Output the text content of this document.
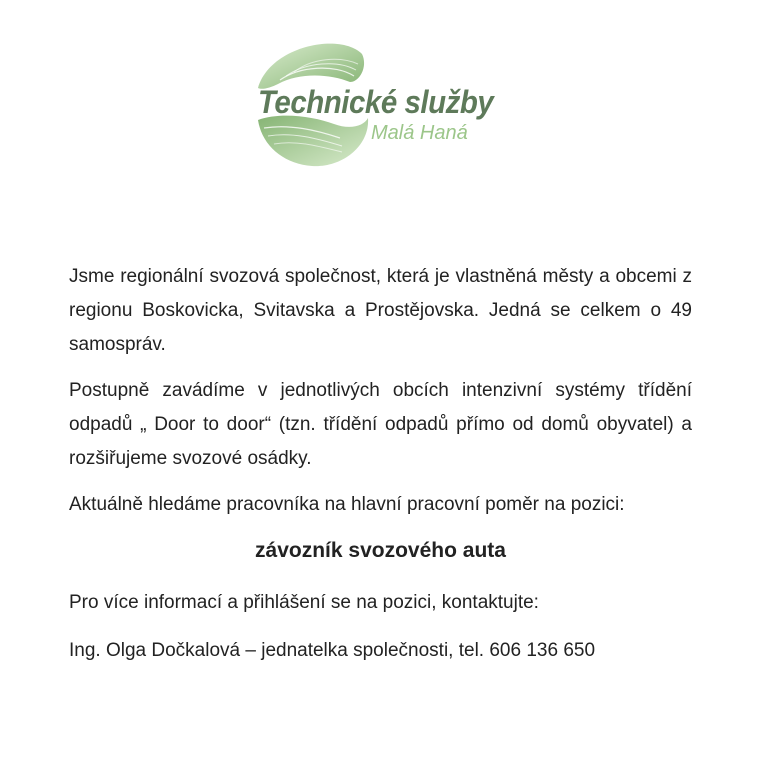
Technické služby
Malá Haná

Jsme regionální svozová společnost, která je vlastněná městy a obcemi z regionu Boskovicka, Svitavska a Prostějovska. Jedná se celkem o 49 samospráv.

Postupně zavádíme v jednotlivých obcích intenzivní systémy třídění odpadů „ Door to door“ (tzn. třídění odpadů přímo od domů obyvatel) a rozšiřujeme svozové osádky.

Aktuálně hledáme pracovníka na hlavní pracovní poměr na pozici:

závozník svozového auta

Pro více informací a přihlášení se na pozici, kontaktujte:

Ing. Olga Dočkalová – jednatelka společnosti, tel. 606 136 650
